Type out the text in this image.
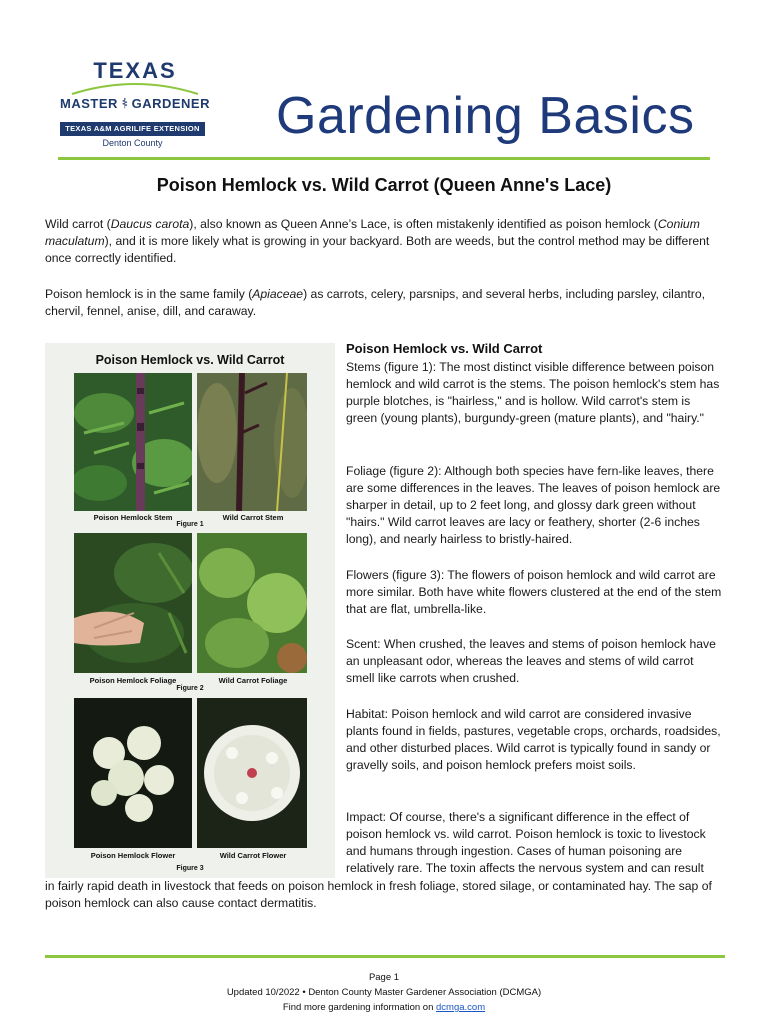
TEXAS
MASTER GARDENER
TEXAS A&M AGRILIFE EXTENSION
Denton County	Gardening Basics
Poison Hemlock vs. Wild Carrot (Queen Anne's Lace)

Wild carrot (Daucus carota), also known as Queen Anne’s Lace, is often mistakenly identified as poison hemlock (Conium maculatum), and it is more likely what is growing in your backyard. Both are weeds, but the control method may be different once correctly identified.

Poison hemlock is in the same family (Apiaceae) as carrots, celery, parsnips, and several herbs, including parsley, cilantro, chervil, fennel, anise, dill, and caraway.

Poison Hemlock vs. Wild Carrot
Poison Hemlock Stem	Wild Carrot Stem
Figure 1
Poison Hemlock Foliage	Wild Carrot Foliage
Figure 2
Poison Hemlock Flower	Wild Carrot Flower
Figure 3
Poison Hemlock vs. Wild Carrot

Stems (figure 1): The most distinct visible difference between poison hemlock and wild carrot is the stems. The poison hemlock's stem has purple blotches, is "hairless," and is hollow. Wild carrot's stem is green (young plants), burgundy-green (mature plants), and "hairy."

Foliage (figure 2): Although both species have fern-like leaves, there are some differences in the leaves. The leaves of poison hemlock are sharper in detail, up to 2 feet long, and glossy dark green without "hairs." Wild carrot leaves are lacy or feathery, shorter (2-6 inches long), and nearly hairless to bristly-haired.

Flowers (figure 3): The flowers of poison hemlock and wild carrot are more similar. Both have white flowers clustered at the end of the stem that are flat, umbrella-like.

Scent: When crushed, the leaves and stems of poison hemlock have an unpleasant odor, whereas the leaves and stems of wild carrot smell like carrots when crushed.

Habitat: Poison hemlock and wild carrot are considered invasive plants found in fields, pastures, vegetable crops, orchards, roadsides, and other disturbed places. Wild carrot is typically found in sandy or gravelly soils, and poison hemlock prefers moist soils.

Impact: Of course, there's a significant difference in the effect of poison hemlock vs. wild carrot. Poison hemlock is toxic to livestock and humans through ingestion. Cases of human poisoning are relatively rare. The toxin affects the nervous system and can result

in fairly rapid death in livestock that feeds on poison hemlock in fresh foliage, stored silage, or contaminated hay. The sap of poison hemlock can also cause contact dermatitis.

Page 1
Updated 10/2022 • Denton County Master Gardener Association (DCMGA)
Find more gardening information on dcmga.com
